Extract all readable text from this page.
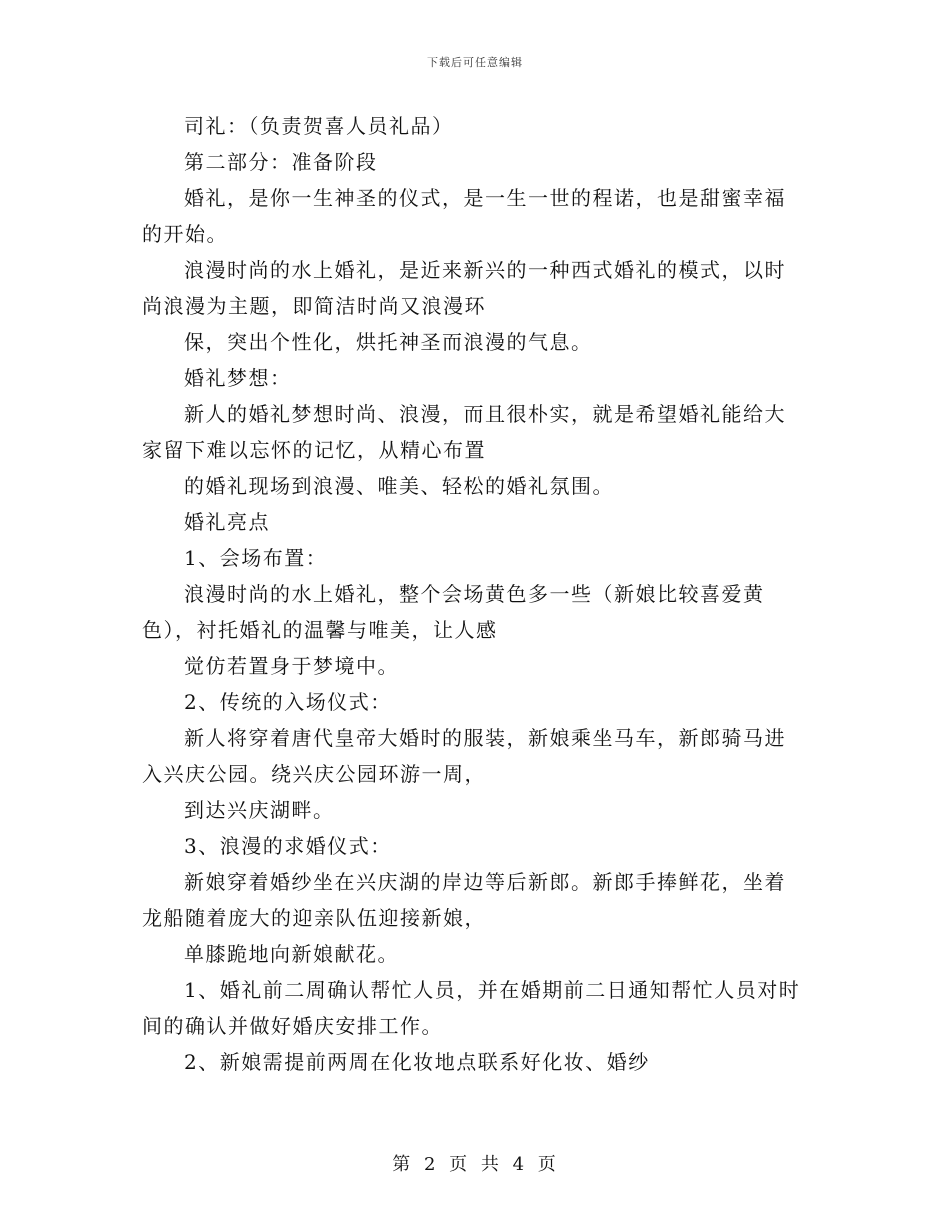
下载后可任意编辑

司礼：（负责贺喜人员礼品）

第二部分：准备阶段

婚礼，是你一生神圣的仪式，是一生一世的程诺，也是甜蜜幸福

的开始。

浪漫时尚的水上婚礼，是近来新兴的一种西式婚礼的模式，以时

尚浪漫为主题，即简洁时尚又浪漫环

保，突出个性化，烘托神圣而浪漫的气息。

婚礼梦想：

新人的婚礼梦想时尚、浪漫，而且很朴实，就是希望婚礼能给大

家留下难以忘怀的记忆，从精心布置

的婚礼现场到浪漫、唯美、轻松的婚礼氛围。

婚礼亮点

1、会场布置：

浪漫时尚的水上婚礼，整个会场黄色多一些（新娘比较喜爱黄

色），衬托婚礼的温馨与唯美，让人感

觉仿若置身于梦境中。

2、传统的入场仪式：

新人将穿着唐代皇帝大婚时的服装，新娘乘坐马车，新郎骑马进

入兴庆公园。绕兴庆公园环游一周，

到达兴庆湖畔。

3、浪漫的求婚仪式：

新娘穿着婚纱坐在兴庆湖的岸边等后新郎。新郎手捧鲜花，坐着

龙船随着庞大的迎亲队伍迎接新娘，

单膝跪地向新娘献花。

1、婚礼前二周确认帮忙人员，并在婚期前二日通知帮忙人员对时

间的确认并做好婚庆安排工作。

2、新娘需提前两周在化妆地点联系好化妆、婚纱

第 2 页 共 4 页
